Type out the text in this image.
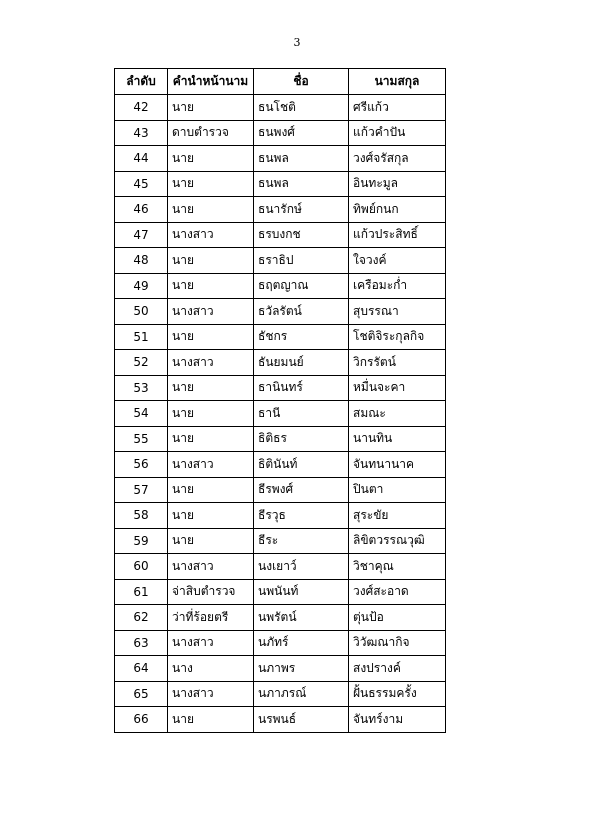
3
ลำดับ	คำนำหน้านาม	ชื่อ	นามสกุล
42	นาย	ธนโชติ	ศรีแก้ว
43	ดาบตำรวจ	ธนพงศ์	แก้วคำปัน
44	นาย	ธนพล	วงศ์จรัสกุล
45	นาย	ธนพล	อินทะมูล
46	นาย	ธนารักษ์	ทิพย์กนก
47	นางสาว	ธรบงกช	แก้วประสิทธิ์
48	นาย	ธราธิป	ใจวงค์
49	นาย	ธฤตญาณ	เครือมะกํ่า
50	นางสาว	ธวัลรัตน์	สุบรรณา
51	นาย	ธัชกร	โชติจิระกุลกิจ
52	นางสาว	ธันยมนย์	วิกรรัตน์
53	นาย	ธานินทร์	หมื่นจะคา
54	นาย	ธานี	สมณะ
55	นาย	ธิติธร	นานทิน
56	นางสาว	ธิตินันท์	จันทนานาค
57	นาย	ธีรพงศ์	ปินตา
58	นาย	ธีรวุธ	สุระขัย
59	นาย	ธีระ	ลิขิตวรรณวุฒิ
60	นางสาว	นงเยาว์	วิชาคุณ
61	จ่าสิบตำรวจ	นพนันท์	วงศ์สะอาด
62	ว่าที่ร้อยตรี	นพรัตน์	ตุ่นป้อ
63	นางสาว	นภัทร์	วิวัฒณากิจ
64	นาง	นภาพร	สงปรางค์
65	นางสาว	นภาภรณ์	ฝั้นธรรมครั้ง
66	นาย	นรพนธ์	จันทร์งาม
